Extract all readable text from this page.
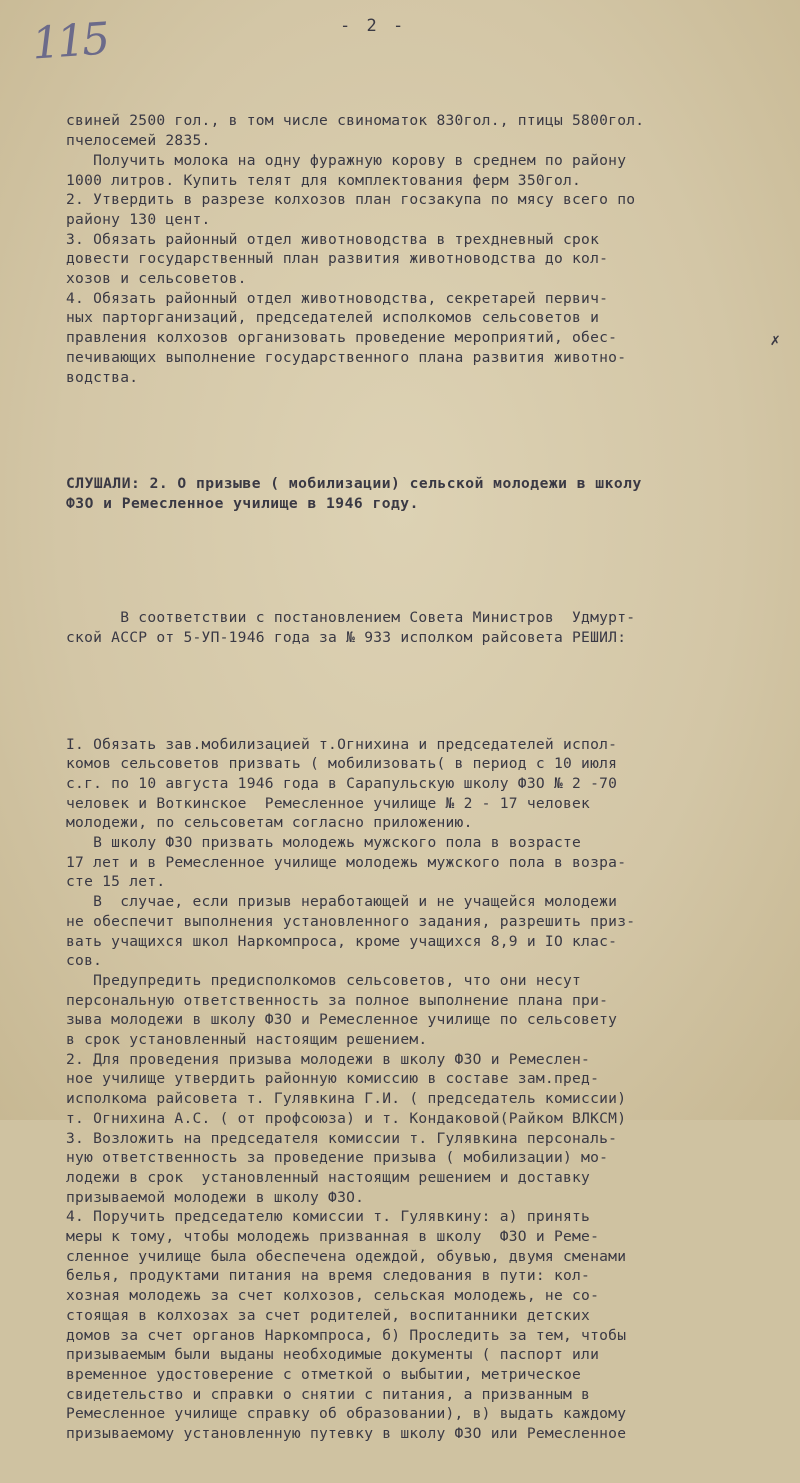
115	- 2 -
✗

свиней 2500 гол., в том числе свиноматок 830гол., птицы 5800гол.
пчелосемей 2835.
Получить молока на одну фуражную корову в среднем по району
1000 литров. Купить телят для комплектования ферм 350гол.
2. Утвердить в разрезе колхозов план госзакупа по мясу всего по
району 130 цент.
3. Обязать районный отдел животноводства в трехдневный срок
довести государственный план развития животноводства до кол-
хозов и сельсоветов.
4. Обязать районный отдел животноводства, секретарей первич-
ных парторганизаций, председателей исполкомов сельсоветов и
правления колхозов организовать проведение мероприятий, обес-
печивающих выполнение государственного плана развития животно-
водства.

СЛУШАЛИ: 2. О призыве ( мобилизации) сельской молодежи в школу
ФЗО и Ремесленное училище в 1946 году.

В соответствии с постановлением Совета Министров  Удмурт-
ской АССР от 5-УП-1946 года за № 933 исполком райсовета РЕШИЛ:

I. Обязать зав.мобилизацией т.Огнихина и председателей испол-
комов сельсоветов призвать ( мобилизовать( в период с 10 июля
с.г. по 10 августа 1946 года в Сарапульскую школу ФЗО № 2 -70
человек и Воткинское  Ремесленное училище № 2 - 17 человек
молодежи, по сельсоветам согласно приложению.
В школу ФЗО призвать молодежь мужского пола в возрасте
17 лет и в Ремесленное училище молодежь мужского пола в возра-
сте 15 лет.
В  случае, если призыв неработающей и не учащейся молодежи
не обеспечит выполнения установленного задания, разрешить приз-
вать учащихся школ Наркомпроса, кроме учащихся 8,9 и IO клас-
сов.
Предупредить предисполкомов сельсоветов, что они несут
персональную ответственность за полное выполнение плана при-
зыва молодежи в школу ФЗО и Ремесленное училище по сельсовету
в срок установленный настоящим решением.
2. Для проведения призыва молодежи в школу ФЗО и Ремеслен-
ное училище утвердить районную комиссию в составе зам.пред-
исполкома райсовета т. Гулявкина Г.И. ( председатель комиссии)
т. Огнихина А.С. ( от профсоюза) и т. Кондаковой(Райком ВЛКСМ)
3. Возложить на председателя комиссии т. Гулявкина персональ-
ную ответственность за проведение призыва ( мобилизации) мо-
лодежи в срок  установленный настоящим решением и доставку
призываемой молодежи в школу ФЗО.
4. Поручить председателю комиссии т. Гулявкину: а) принять
меры к тому, чтобы молодежь призванная в школу  ФЗО и Реме-
сленное училище была обеспечена одеждой, обувью, двумя сменами
белья, продуктами питания на время следования в пути: кол-
хозная молодежь за счет колхозов, сельская молодежь, не со-
стоящая в колхозах за счет родителей, воспитанники детских
домов за счет органов Наркомпроса, б) Проследить за тем, чтобы
призываемым были выданы необходимые документы ( паспорт или
временное удостоверение с отметкой о выбытии, метрическое
свидетельство и справки о снятии с питания, а призванным в
Ремесленное училище справку об образовании), в) выдать каждому
призываемому установленную путевку в школу ФЗО или Ремесленное
